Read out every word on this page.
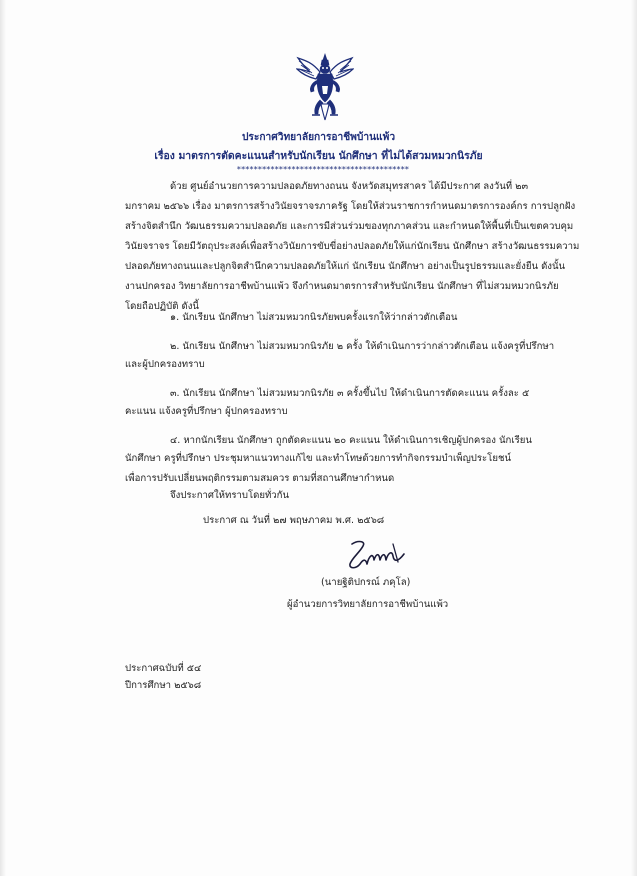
ประกาศวิทยาลัยการอาชีพบ้านแพ้ว
เรื่อง มาตรการตัดคะแนนสำหรับนักเรียน นักศึกษา ที่ไม่ได้สวมหมวกนิรภัย
*****************************************
ด้วย ศูนย์อำนวยการความปลอดภัยทางถนน จังหวัดสมุทรสาคร ได้มีประกาศ ลงวันที่ ๒๓
มกราคม ๒๕๖๖ เรื่อง มาตรการสร้างวินัยจราจรภาครัฐ โดยให้ส่วนราชการกำหนดมาตรการองค์กร การปลูกฝัง
สร้างจิตสำนึก วัฒนธรรมความปลอดภัย และการมีส่วนร่วมของทุกภาคส่วน และกำหนดให้พื้นที่เป็นเขตควบคุม
วินัยจราจร โดยมีวัตถุประสงค์เพื่อสร้างวินัยการขับขี่อย่างปลอดภัยให้แก่นักเรียน นักศึกษา สร้างวัฒนธรรมความ
ปลอดภัยทางถนนและปลูกจิตสำนึกความปลอดภัยให้แก่ นักเรียน นักศึกษา อย่างเป็นรูปธรรมและยั่งยืน ดังนั้น
งานปกครอง วิทยาลัยการอาชีพบ้านแพ้ว จึงกำหนดมาตรการสำหรับนักเรียน นักศึกษา ที่ไม่สวมหมวกนิรภัย
โดยถือปฏิบัติ ดังนี้
๑. นักเรียน นักศึกษา ไม่สวมหมวกนิรภัยพบครั้งแรกให้ว่ากล่าวตักเตือน
๒. นักเรียน นักศึกษา ไม่สวมหมวกนิรภัย ๒ ครั้ง ให้ดำเนินการว่ากล่าวตักเตือน แจ้งครูที่ปรึกษา
และผู้ปกครองทราบ
๓. นักเรียน นักศึกษา ไม่สวมหมวกนิรภัย ๓ ครั้งขึ้นไป ให้ดำเนินการตัดคะแนน ครั้งละ ๕
คะแนน แจ้งครูที่ปรึกษา ผู้ปกครองทราบ
๔. หากนักเรียน นักศึกษา ถูกตัดคะแนน ๒๐ คะแนน ให้ดำเนินการเชิญผู้ปกครอง นักเรียน
นักศึกษา ครูที่ปรึกษา ประชุมหาแนวทางแก้ไข และทำโทษด้วยการทำกิจกรรมบำเพ็ญประโยชน์
เพื่อการปรับเปลี่ยนพฤติกรรมตามสมควร ตามที่สถานศึกษากำหนด
จึงประกาศให้ทราบโดยทั่วกัน
ประกาศ ณ วันที่ ๒๗ พฤษภาคม พ.ศ. ๒๕๖๘
(นายฐิติปกรณ์ ภคุโล)
ผู้อำนวยการวิทยาลัยการอาชีพบ้านแพ้ว
ประกาศฉบับที่ ๕๔
ปีการศึกษา ๒๕๖๘
